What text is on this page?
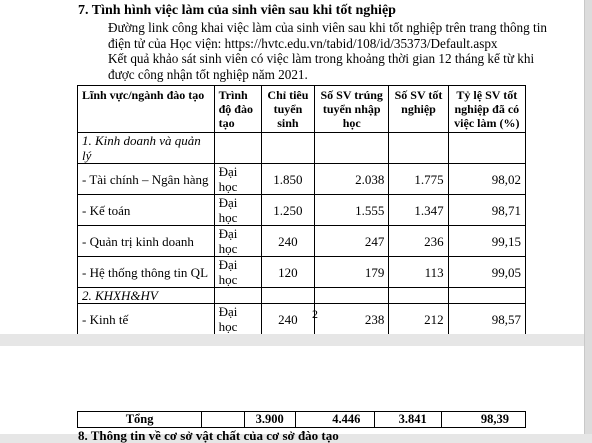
7. Tình hình việc làm của sinh viên sau khi tốt nghiệp
Đường link công khai việc làm của sinh viên sau khi tốt nghiệp trên trang thông tin điện tử của Học viện: https://hvtc.edu.vn/tabid/108/id/35373/Default.aspx
Kết quả khảo sát sinh viên có việc làm trong khoảng thời gian 12 tháng kể từ khi được công nhận tốt nghiệp năm 2021.
Lĩnh vực/ngành đào tạo	Trình độ đào tạo	Chỉ tiêu tuyển sinh	Số SV trúng tuyển nhập học	Số SV tốt nghiệp	Tỷ lệ SV tốt nghiệp đã có việc làm (%)
1. Kinh doanh và quản lý					
- Tài chính – Ngân hàng	Đại học	1.850	2.038	1.775	98,02
- Kế toán	Đại học	1.250	1.555	1.347	98,71
- Quản trị kinh doanh	Đại học	240	247	236	99,15
- Hệ thống thông tin QL	Đại học	120	179	113	99,05
2. KHXH&HV					
- Kinh tế	Đại học	240	238	212	98,57

2
Tổng		3.900	4.446	3.841	98,39
8. Thông tin về cơ sở vật chất của cơ sở đào tạo
